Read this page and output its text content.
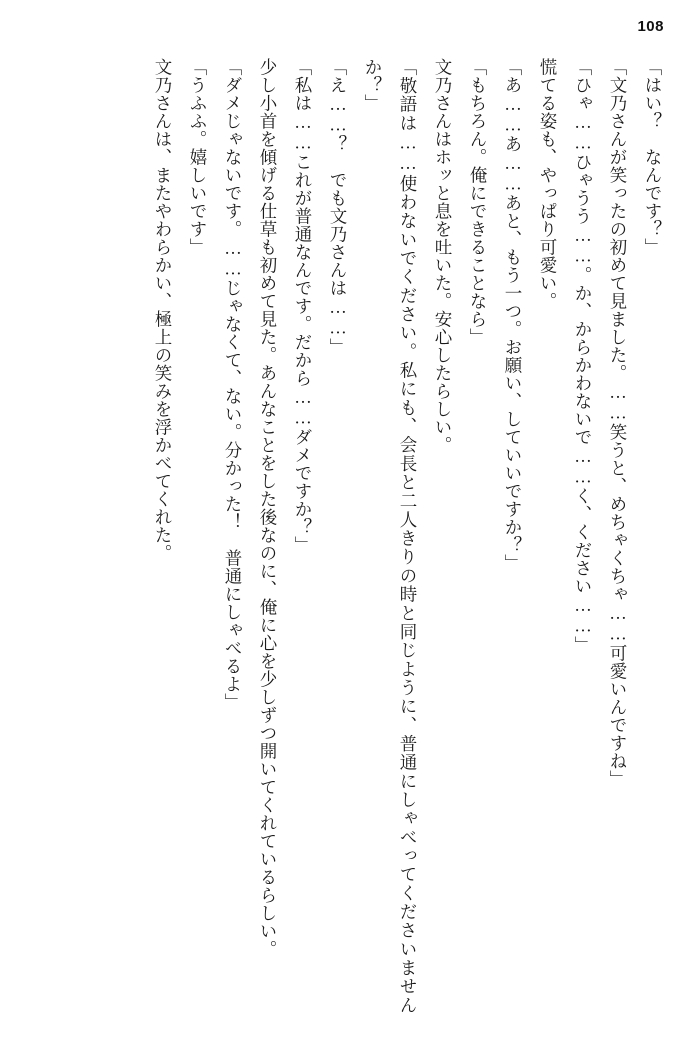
108

「はい？　なんです？」

「文乃さんが笑ったの初めて見ました。……笑うと、めちゃくちゃ……可愛いんですね」

「ひゃ……ひゃうう……。か、からかわないで……く、ください……」

慌てる姿も、やっぱり可愛い。

「あ……あ……あと、もう一つ。お願い、していいですか？」

「もちろん。俺にできることなら」

文乃さんはホッと息を吐いた。安心したらしい。

「敬語は……使わないでください。私にも、会長と二人きりの時と同じように、普通にしゃべってくださいませんか？」

「え……？　でも文乃さんは……」

「私は……これが普通なんです。だから……ダメですか？」

少し小首を傾げる仕草も初めて見た。あんなことをした後なのに、俺に心を少しずつ開いてくれているらしい。

「ダメじゃないです。……じゃなくて、ない。分かった！　普通にしゃべるよ」

「うふふ。嬉しいです」

文乃さんは、またやわらかい、極上の笑みを浮かべてくれた。
